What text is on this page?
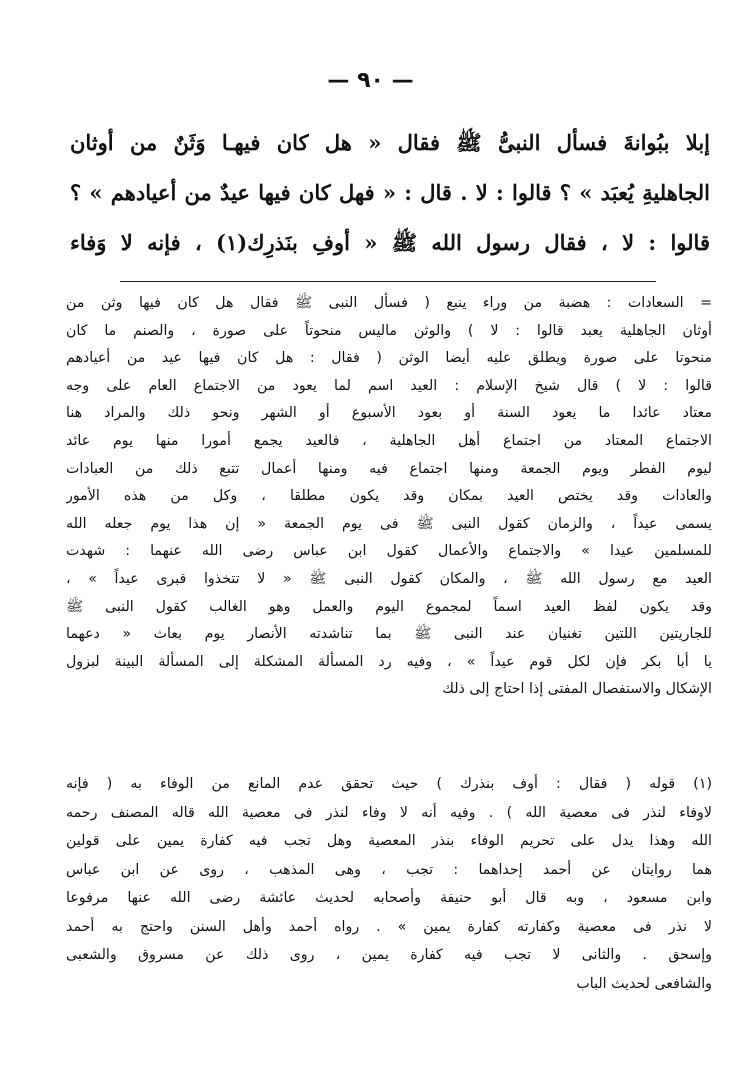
— ٩٠ —
إبلا ببُوانةَ فسأل النبىُّ ﷺ فقال « هل كان فيهـا وَثَنٌ من أوثان
الجاهليةِ يُعبَد » ؟ قالوا : لا . قال : « فهل كان فيها عيدٌ من أعيادهم » ؟
قالوا : لا ، فقال رسول الله ﷺ « أوفِ بنَذرِك(١) ، فإنه لا وَفاء
= السعادات : هضبة من وراء ينبع ( فسأل النبى ﷺ فقال هل كان فيها وثن من
أوثان الجاهلية يعبد قالوا : لا ) والوثن ماليس منحوتاً على صورة ، والصنم ما كان
منحوتا على صورة ويطلق عليه أيضا الوثن ( فقال : هل كان فيها عيد من أعيادهم
قالوا : لا ) قال شيخ الإسلام : العيد اسم لما يعود من الاجتماع العام على وجه
معتاد عائدا ما يعود السنة أو بعود الأسبوع أو الشهر ونحو ذلك والمراد هنا
الاجتماع المعتاد من اجتماع أهل الجاهلية ، فالعيد يجمع أمورا منها يوم عائد
ليوم الفطر ويوم الجمعة ومنها اجتماع فيه ومنها أعمال تتبع ذلك من العبادات
والعادات وقد يختص العيد بمكان وقد يكون مطلقا ، وكل من هذه الأمور
يسمى عيداً ، والزمان كقول النبى ﷺ فى يوم الجمعة « إن هذا يوم جعله الله
للمسلمين عيدا » والاجتماع والأعمال كقول ابن عباس رضى الله عنهما : شهدت
العيد مع رسول الله ﷺ ، والمكان كقول النبى ﷺ « لا تتخذوا قبرى عيداً » ،
وقد يكون لفظ العيد اسماً لمجموع اليوم والعمل وهو الغالب كقول النبى ﷺ
للجاريتين اللتين تغنيان عند النبى ﷺ بما تناشدته الأنصار يوم بعاث « دعهما
يا أبا بكر فإن لكل قوم عيداً » ، وفيه رد المسألة المشكلة إلى المسألة البينة لبزول
الإشكال والاستفصال المفتى إذا احتاج إلى ذلك
(١) قوله ( فقال : أوف بنذرك ) حيث تحقق عدم المانع من الوفاء به ( فإنه
لاوفاء لنذر فى معصية الله ) . وفيه أنه لا وفاء لنذر فى معصية الله قاله المصنف رحمه
الله وهذا يدل على تحريم الوفاء بنذر المعصية وهل تجب فيه كفارة يمين على قولين
هما روايتان عن أحمد إحداهما : تجب ، وهى المذهب ، روى عن ابن عباس
وابن مسعود ، وبه قال أبو حنيفة وأصحابه لحديث عائشة رضى الله عنها مرفوعا
لا نذر فى معصية وكفارته كفارة يمين » . رواه أحمد وأهل السنن واحتج به أحمد
وإسحق . والثانى لا تجب فيه كفارة يمين ، روى ذلك عن مسروق والشعبى
والشافعى لحديث الباب
